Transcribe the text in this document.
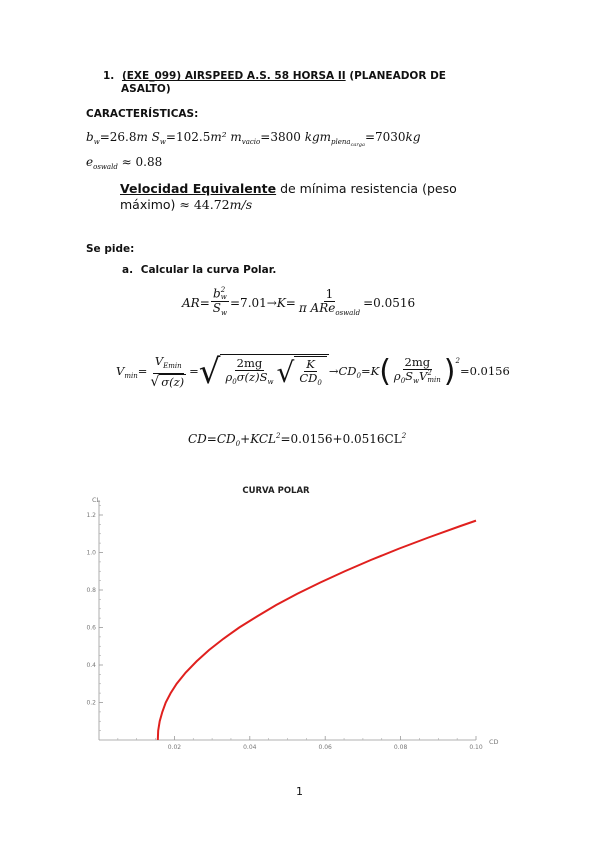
1. (EXE_099) AIRSPEED A.S. 58 HORSA II (PLANEADOR DE
ASALTO)
CARACTERÍSTICAS:
$b_w=26.8m$ $S_w=102.5m^2$ $m_{vacio}=3800$ kgm$_{plena_{carga}}$=7030kg
$e_{oswald} \approx 0.88$
Velocidad Equivalente de mínima resistencia (peso
máximo) ≈ 44.72m/s
Se pide:
a. Calcular la curva Polar.
AR= b 2
w
$S_w =7.01\to K= \frac{1}{\pi ARe_{oswald}} =0.0516$
$V_{min}= \frac{V_{Emin}}{√ \sigma(z)}$ = √ $\frac{2mg}{\rho_0\sigma(z)S_w}$ √ $\frac{K}{CD_0} \to CD_0=K$( 2mg
$\rho_0S_wV$ 2
min )$^2$=0.0156
$CD=CD_0+KCL^2=0.0156+0.0516CL^2$
CURVA POLAR
CL
CD
0.02	0.04	0.06	0.08	0.10
0.2
0.4
0.6
0.8
1.0
1.2
1
